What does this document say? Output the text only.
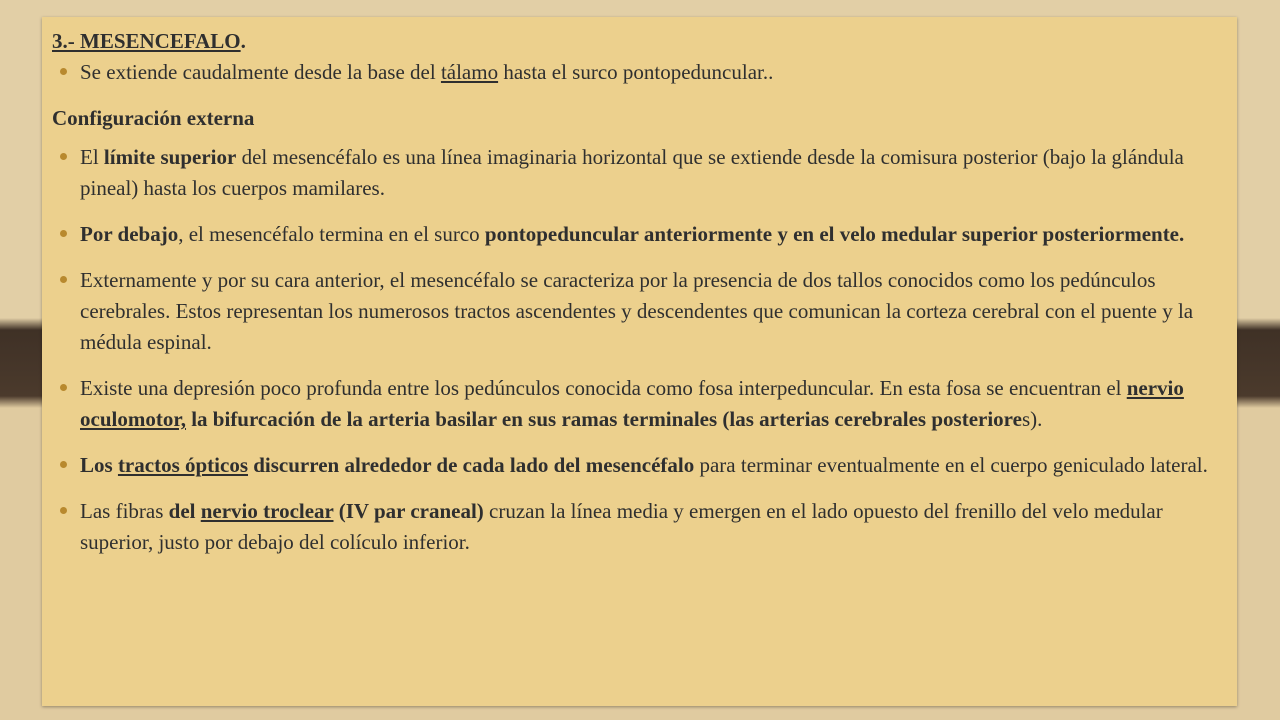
3.- MESENCEFALO.
Se extiende caudalmente desde la base del tálamo hasta el surco pontopeduncular..
Configuración externa
El límite superior del mesencéfalo es una línea imaginaria horizontal que se extiende desde la comisura posterior (bajo la glándula pineal) hasta los cuerpos mamilares.
Por debajo, el mesencéfalo termina en el surco pontopeduncular anteriormente y en el velo medular superior posteriormente.
Externamente y por su cara anterior, el mesencéfalo se caracteriza por la presencia de dos tallos conocidos como los pedúnculos cerebrales. Estos representan los numerosos tractos ascendentes y descendentes que comunican la corteza cerebral con el puente y la médula espinal.
Existe una depresión poco profunda entre los pedúnculos conocida como fosa interpeduncular. En esta fosa se encuentran el nervio oculomotor, la bifurcación de la arteria basilar en sus ramas terminales (las arterias cerebrales posteriores).
Los tractos ópticos discurren alrededor de cada lado del mesencéfalo para terminar eventualmente en el cuerpo geniculado lateral.
Las fibras del nervio troclear (IV par craneal) cruzan la línea media y emergen en el lado opuesto del frenillo del velo medular superior, justo por debajo del colículo inferior.
